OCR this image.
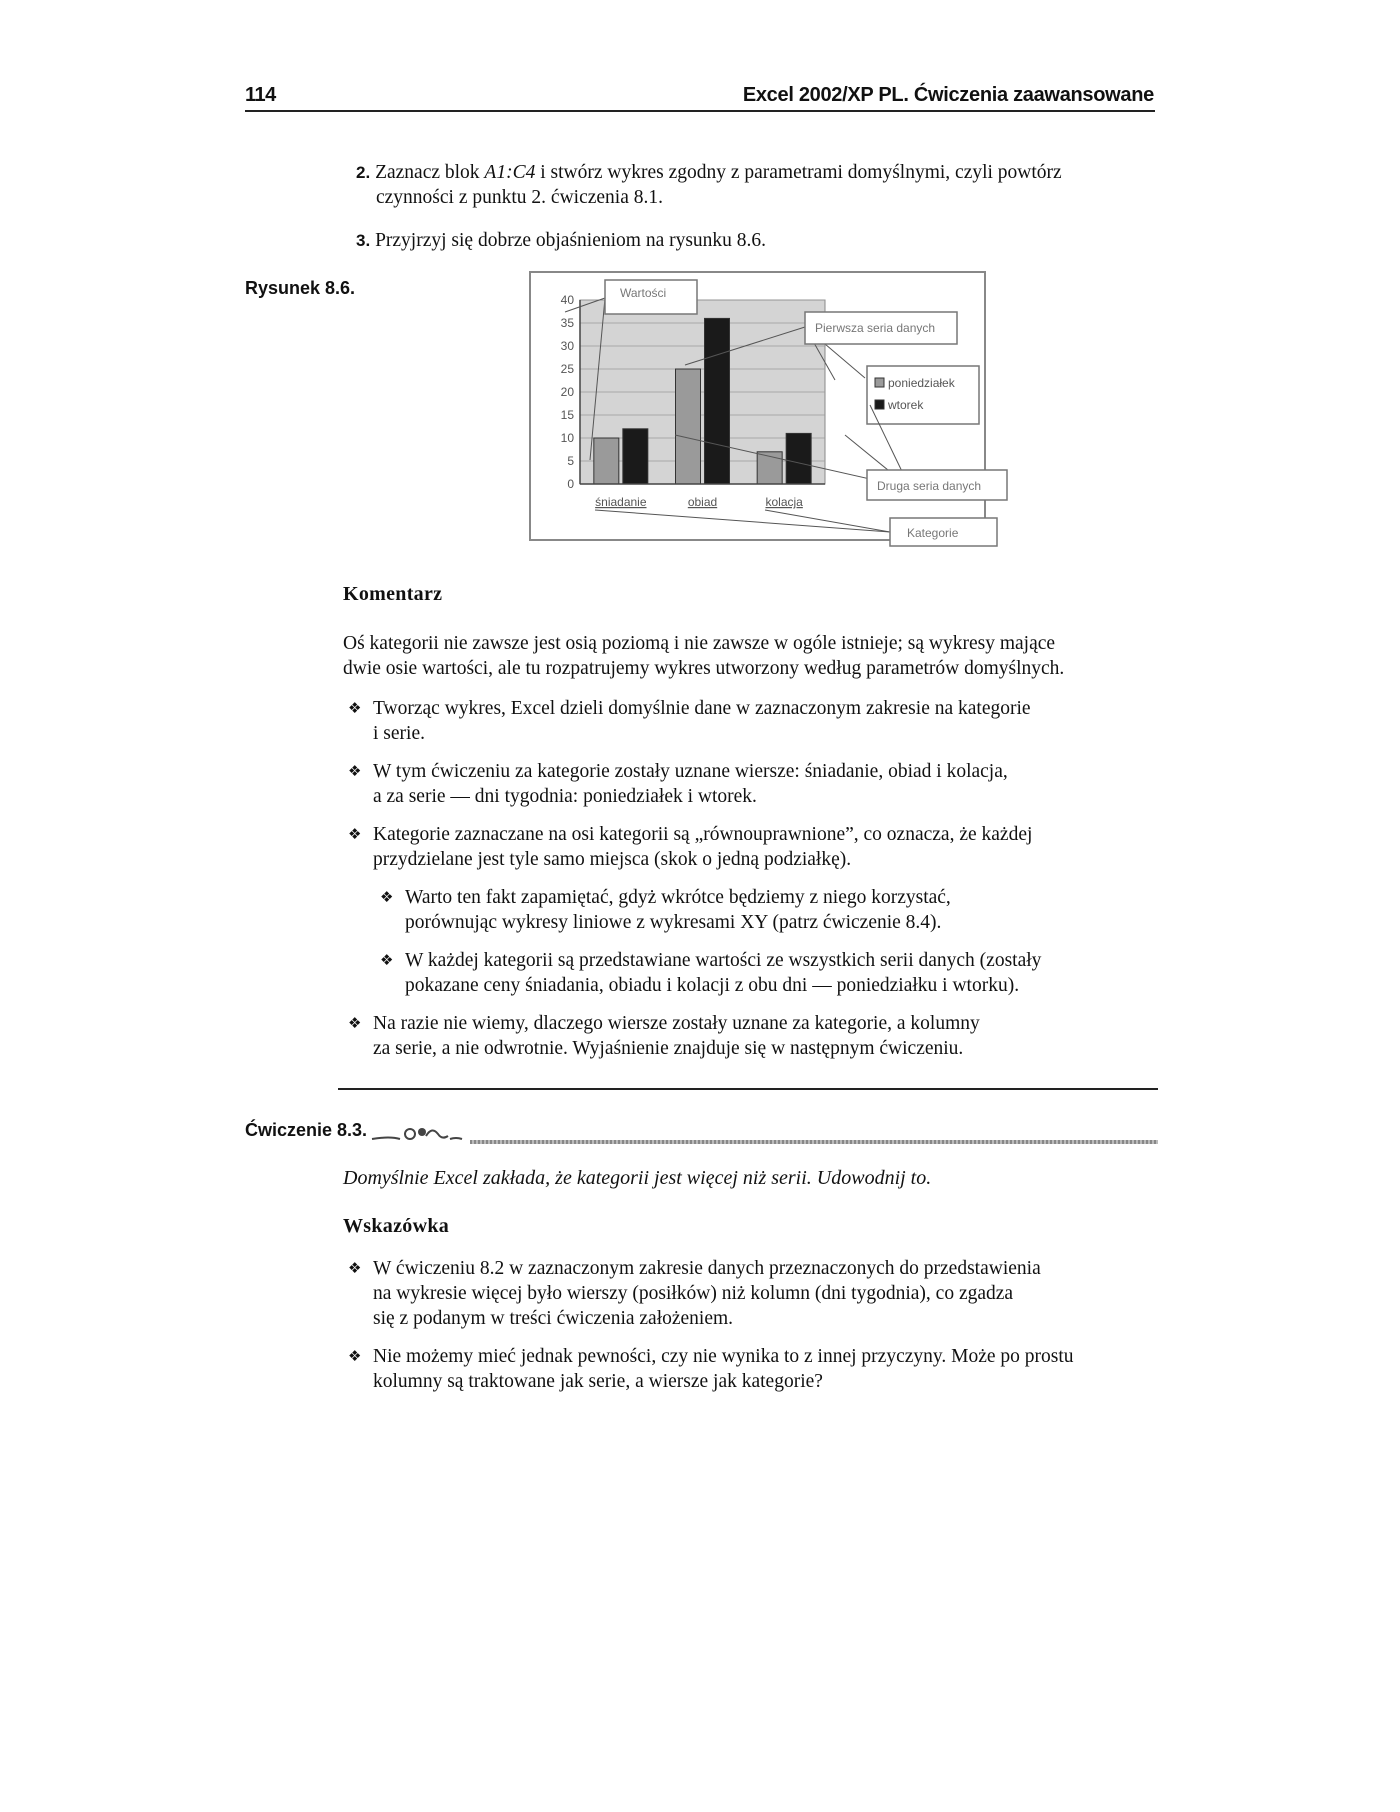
114	Excel 2002/XP PL. Ćwiczenia zaawansowane
2. Zaznacz blok A1:C4 i stwórz wykres zgodny z parametrami domyślnymi, czyli powtórz
czynności z punktu 2. ćwiczenia 8.1.
3. Przyjrzyj się dobrze objaśnieniom na rysunku 8.6.
Rysunek 8.6.
40
35
30
25
20
15
10
5
0
śniadanie	obiad	kolacja
poniedziałek
wtorek
Wartości
Pierwsza seria danych
Druga seria danych
Kategorie
Komentarz
Oś kategorii nie zawsze jest osią poziomą i nie zawsze w ogóle istnieje; są wykresy mające
dwie osie wartości, ale tu rozpatrujemy wykres utworzony według parametrów domyślnych.
❖ Tworząc wykres, Excel dzieli domyślnie dane w zaznaczonym zakresie na kategorie
i serie.
❖ W tym ćwiczeniu za kategorie zostały uznane wiersze: śniadanie, obiad i kolacja,
a za serie — dni tygodnia: poniedziałek i wtorek.
❖ Kategorie zaznaczane na osi kategorii są „równouprawnione”, co oznacza, że każdej
przydzielane jest tyle samo miejsca (skok o jedną podziałkę).
❖ Warto ten fakt zapamiętać, gdyż wkrótce będziemy z niego korzystać,
porównując wykresy liniowe z wykresami XY (patrz ćwiczenie 8.4).
❖ W każdej kategorii są przedstawiane wartości ze wszystkich serii danych (zostały
pokazane ceny śniadania, obiadu i kolacji z obu dni — poniedziałku i wtorku).
❖ Na razie nie wiemy, dlaczego wiersze zostały uznane za kategorie, a kolumny
za serie, a nie odwrotnie. Wyjaśnienie znajduje się w następnym ćwiczeniu.
Ćwiczenie 8.3.
Domyślnie Excel zakłada, że kategorii jest więcej niż serii. Udowodnij to.
Wskazówka
❖ W ćwiczeniu 8.2 w zaznaczonym zakresie danych przeznaczonych do przedstawienia
na wykresie więcej było wierszy (posiłków) niż kolumn (dni tygodnia), co zgadza
się z podanym w treści ćwiczenia założeniem.
❖ Nie możemy mieć jednak pewności, czy nie wynika to z innej przyczyny. Może po prostu
kolumny są traktowane jak serie, a wiersze jak kategorie?
